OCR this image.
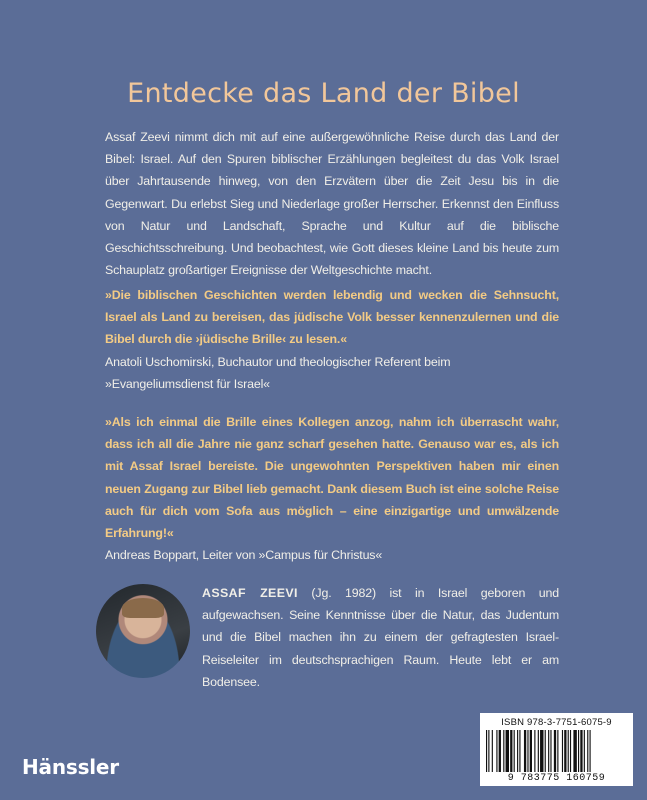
Entdecke das Land der Bibel
Assaf Zeevi nimmt dich mit auf eine außergewöhnliche Reise durch das Land der Bibel: Israel. Auf den Spuren biblischer Erzählungen begleitest du das Volk Israel über Jahrtausende hinweg, von den Erzvätern über die Zeit Jesu bis in die Gegenwart. Du erlebst Sieg und Niederlage großer Herrscher. Erkennst den Einfluss von Natur und Landschaft, Sprache und Kultur auf die biblische Geschichtsschreibung. Und beobachtest, wie Gott dieses kleine Land bis heute zum Schauplatz großartiger Ereignisse der Weltgeschichte macht.
»Die biblischen Geschichten werden lebendig und wecken die Sehnsucht, Israel als Land zu bereisen, das jüdische Volk besser kennenzulernen und die Bibel durch die ›jüdische Brille‹ zu lesen.«
Anatoli Uschomirski, Buchautor und theologischer Referent beim »Evangeliumsdienst für Israel«
»Als ich einmal die Brille eines Kollegen anzog, nahm ich überrascht wahr, dass ich all die Jahre nie ganz scharf gesehen hatte. Genauso war es, als ich mit Assaf Israel bereiste. Die ungewohnten Perspektiven haben mir einen neuen Zugang zur Bibel lieb gemacht. Dank diesem Buch ist eine solche Reise auch für dich vom Sofa aus möglich – eine einzigartige und umwälzende Erfahrung!«
Andreas Boppart, Leiter von »Campus für Christus«
ASSAF ZEEVI (Jg. 1982) ist in Israel geboren und aufgewachsen. Seine Kenntnisse über die Natur, das Judentum und die Bibel machen ihn zu einem der gefragtesten Israel-Reiseleiter im deutschsprachigen Raum. Heute lebt er am Bodensee.
Hänssler
ISBN 978-3-7751-6075-9
9 783775 160759
